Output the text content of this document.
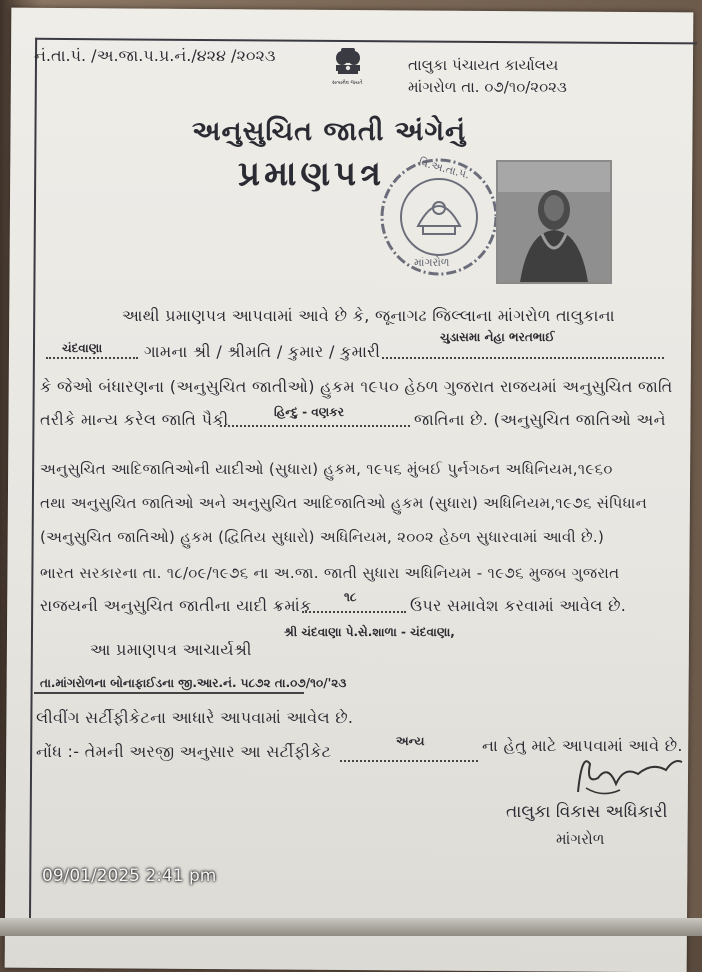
નં.તા.પં. /અ.જા.પ.પ્ર.નં./૪૨૪ /૨૦૨૩
સત્યમેવ જયતે
તાલુકા પંચાયત કાર્યાલય
માંગરોળ તા. ૦૭/૧૦/૨૦૨૩
અનુસુચિત જાતી અંગેનું
પ્રમાણપત્ર	વિ.અ.તા.પં.
માંગરોળ
આથી પ્રમાણપત્ર આપવામાં આવે છે કે, જૂનાગઢ જિલ્લાના માંગરોળ તાલુકાના
ચંદવાણા	ગામના શ્રી / શ્રીમતિ / કુમાર / કુમારી
ચુડાસમા નેહા ભરતભાઈ
કે જેઓ બંધારણના (અનુસુચિત જાતીઓ) હુકમ ૧૯૫૦ હેઠળ ગુજરાત રાજયમાં અનુસુચિત જાતિ
તરીકે માન્ય કરેલ જાતિ પૈકી	હિન્દુ - વણકર	જાતિના છે. (અનુસુચિત જાતિઓ અને
અનુસુચિત આદિજાતિઓની યાદીઓ (સુધારા) હુકમ, ૧૯૫૬ મુંબઈ પુર્નગઠન અધિનિયમ,૧૯૬૦
તથા અનુસુચિત જાતિઓ અને અનુસુચિત આદિજાતિઓ હુકમ (સુધારા) અધિનિયમ,૧૯૭૬ સંપિધાન
(અનુસુચિત જાતિઓ) હુકમ (દ્વિતિય સુધારો) અધિનિયમ, ૨૦૦૨ હેઠળ સુધારવામાં આવી છે.)
ભારત સરકારના તા. ૧૮/૦૯/૧૯૭૬ ના અ.જા. જાતી સુધારા અધિનિયમ - ૧૯૭૬ મુજબ ગુજરાત
રાજયની અનુસુચિત જાતીના યાદી ક્રમાંક	૧૮	ઉપર સમાવેશ કરવામાં આવેલ છે.
આ પ્રમાણપત્ર આચાર્યશ્રી
શ્રી ચંદવાણા પે.સે.શાળા - ચંદવાણા,
તા.માંગરોળના બોનાફાઈડના જી.આર.નં. ૫૮૭૨ તા.૦૭/૧૦/'૨૩
લીવીંગ સર્ટીફીકેટના આધારે આપવામાં આવેલ છે.
નોંધ :- તેમની અરજી અનુસાર આ સર્ટીફીકેટ
અન્ય	ના હેતુ માટે આપવામાં આવે છે.
તાલુકા વિકાસ અધિકારી
માંગરોળ
09/01/2025 2:41 pm
